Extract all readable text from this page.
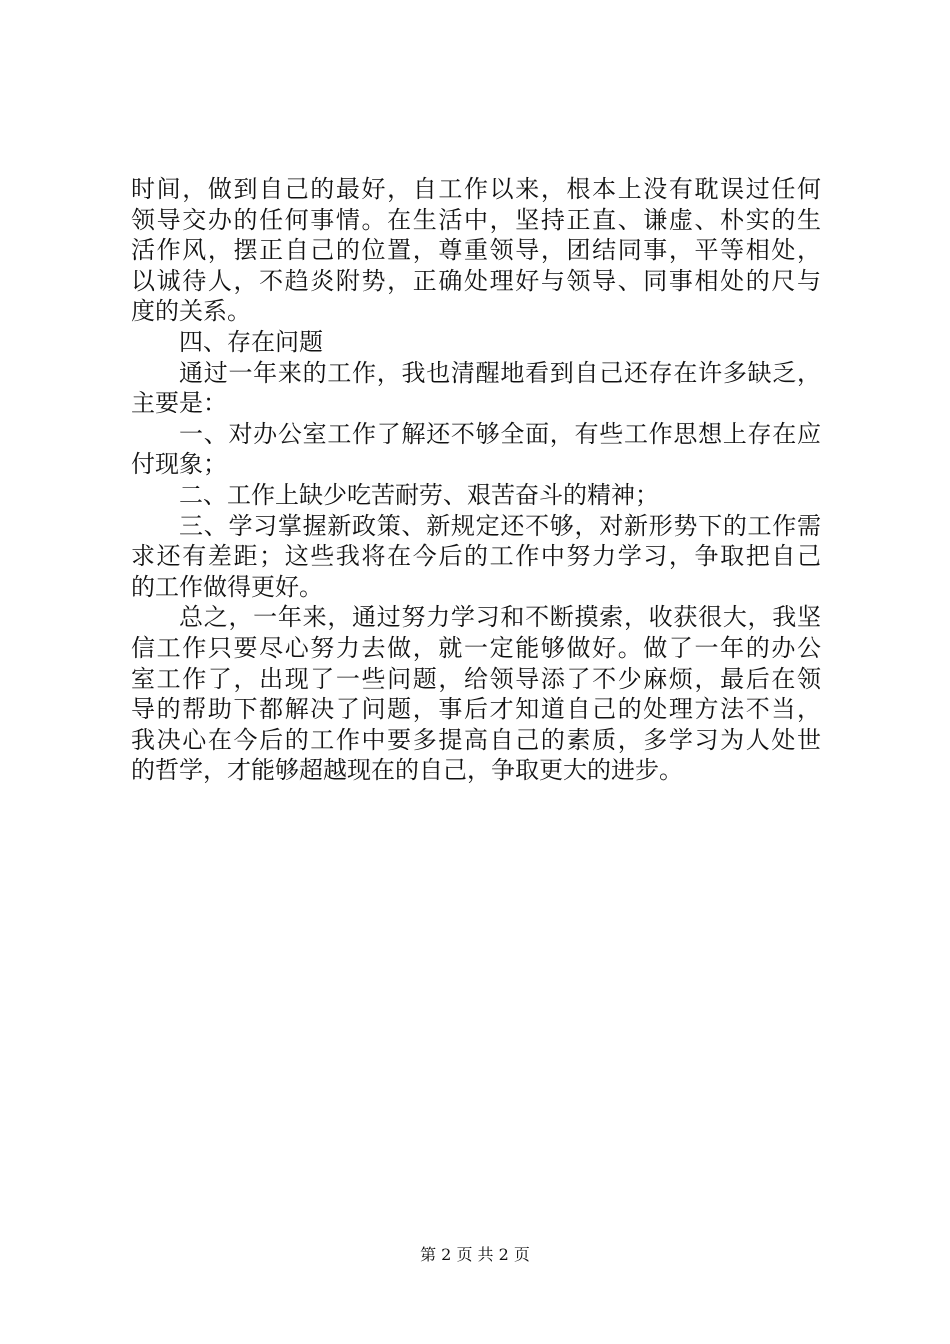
时间，做到自己的最好，自工作以来，根本上没有耽误过任何
领导交办的任何事情。在生活中，坚持正直、谦虚、朴实的生
活作风，摆正自己的位置，尊重领导，团结同事，平等相处，
以诚待人，不趋炎附势，正确处理好与领导、同事相处的尺与
度的关系。
四、存在问题
通过一年来的工作，我也清醒地看到自己还存在许多缺乏，
主要是：
一、对办公室工作了解还不够全面，有些工作思想上存在应
付现象；
二、工作上缺少吃苦耐劳、艰苦奋斗的精神；
三、学习掌握新政策、新规定还不够，对新形势下的工作需
求还有差距；这些我将在今后的工作中努力学习，争取把自己
的工作做得更好。
总之，一年来，通过努力学习和不断摸索，收获很大，我坚
信工作只要尽心努力去做，就一定能够做好。做了一年的办公
室工作了，出现了一些问题，给领导添了不少麻烦，最后在领
导的帮助下都解决了问题，事后才知道自己的处理方法不当，
我决心在今后的工作中要多提高自己的素质，多学习为人处世
的哲学，才能够超越现在的自己，争取更大的进步。
第 2 页 共 2 页
